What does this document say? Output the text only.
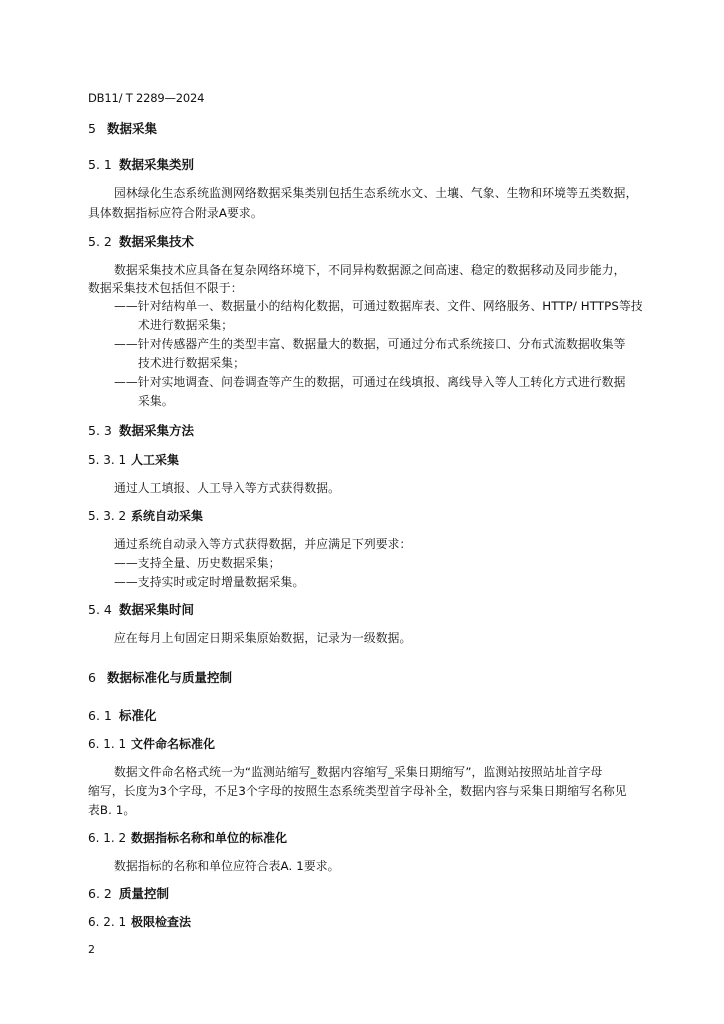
DB11/ T 2289—2024
5 数据采集
5. 1 数据采集类别
园林绿化生态系统监测网络数据采集类别包括生态系统水文、土壤、气象、生物和环境等五类数据，
具体数据指标应符合附录A要求。
5. 2 数据采集技术
数据采集技术应具备在复杂网络环境下，不同异构数据源之间高速、稳定的数据移动及同步能力，
数据采集技术包括但不限于：
——针对结构单一、数据量小的结构化数据，可通过数据库表、文件、网络服务、HTTP/ HTTPS等技
术进行数据采集；
——针对传感器产生的类型丰富、数据量大的数据，可通过分布式系统接口、分布式流数据收集等
技术进行数据采集；
——针对实地调查、问卷调查等产生的数据，可通过在线填报、离线导入等人工转化方式进行数据
采集。
5. 3 数据采集方法
5. 3. 1 人工采集
通过人工填报、人工导入等方式获得数据。
5. 3. 2 系统自动采集
通过系统自动录入等方式获得数据，并应满足下列要求：
——支持全量、历史数据采集；
——支持实时或定时增量数据采集。
5. 4 数据采集时间
应在每月上旬固定日期采集原始数据，记录为一级数据。
6 数据标准化与质量控制
6. 1 标准化
6. 1. 1 文件命名标准化
数据文件命名格式统一为“监测站缩写_数据内容缩写_采集日期缩写”，监测站按照站址首字母
缩写，长度为3个字母，不足3个字母的按照生态系统类型首字母补全，数据内容与采集日期缩写名称见
表B. 1。
6. 1. 2 数据指标名称和单位的标准化
数据指标的名称和单位应符合表A. 1要求。
6. 2 质量控制
6. 2. 1 极限检查法
2
